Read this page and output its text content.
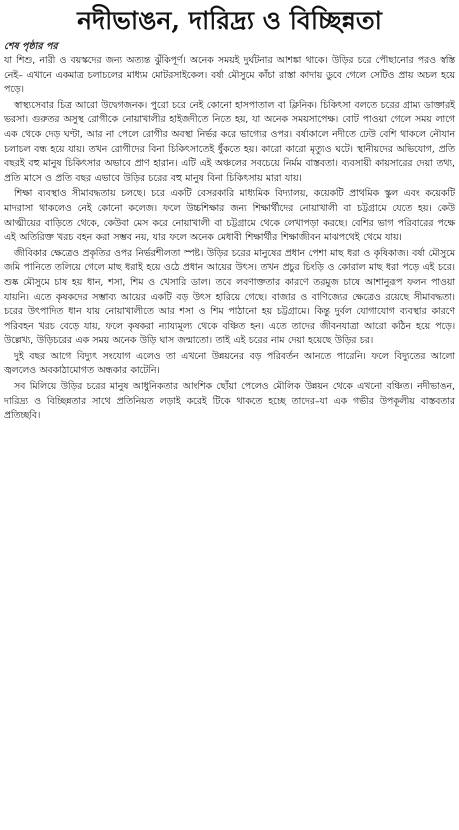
নদীভাঙন, দারিদ্র্য ও বিচ্ছিন্নতা
শেষ পৃষ্ঠার পর

যা শিশু, নারী ও বয়স্কদের জন্য অত্যন্ত ঝুঁকিপূর্ণ। অনেক সময়ই দুর্ঘটনার আশঙ্কা থাকে। উড়ির চরে পৌছানোর পরও স্বস্তি নেই– এখানে একমাত্র চলাচলের মাধ্যম মোটরসাইকেল। বর্ষা মৌসুমে কাঁচা রাস্তা কাদায় ডুবে গেলে সেটিও প্রায় অচল হয়ে পড়ে।

স্বাস্থ্যসেবার চিত্র আরো উদ্বেগজনক। পুরো চরে নেই কোনো হাসপাতাল বা ক্লিনিক। চিকিৎসা বলতে চরের গ্রাম্য ডাক্তারই ভরসা। গুরুতর অসুস্থ রোগীকে নোয়াখালীর হাইজদীতে নিতে হয়, যা অনেক সময়সাপেক্ষ। বোট পাওয়া গেলে সময় লাগে এক থেকে দেড় ঘণ্টা, আর না পেলে রোগীর অবস্থা নির্ভর করে ভাগ্যের ওপর। বর্ষাকালে নদীতে ঢেউ বেশি থাকলে নৌযান চলাচল বন্ধ হয়ে যায়। তখন রোগীদের বিনা চিকিৎসাতেই ধুঁকতে হয়। কারো কারো মৃত্যুও ঘটে। স্থানীয়দের অভিযোগ, প্রতি বছরই বহু মানুষ চিকিৎসার অভাবে প্রাণ হারান। এটি এই অঞ্চলের সবচেয়ে নির্মম বাস্তবতা। ব্যবসায়ী কায়সারের দেয়া তথ্য, প্রতি মাসে ও প্রতি বছর এভাবে উড়ির চরের বহু মানুষ বিনা চিকিৎসায় মারা যায়।

শিক্ষা ব্যবস্থাও সীমাবদ্ধতায় চলছে। চরে একটি বেসরকারি মাধ্যমিক বিদ্যালয়, কয়েকটি প্রাথমিক স্কুল এবং কয়েকটি মাদরাসা থাকলেও নেই কোনো কলেজ। ফলে উচ্চশিক্ষার জন্য শিক্ষার্থীদের নোয়াখালী বা চট্টগ্রামে যেতে হয়। কেউ আত্মীয়ের বাড়িতে থেকে, কেউবা মেস করে নোয়াখালী বা চট্টগ্রামে থেকে লেখাপড়া করছে। বেশির ভাগ পরিবারের পক্ষে এই অতিরিক্ত খরচ বহন করা সম্ভব নয়, যার ফলে অনেক মেধাবী শিক্ষার্থীর শিক্ষাজীবন মাঝপথেই থেমে যায়।

জীবিকার ক্ষেত্রেও প্রকৃতির ওপর নির্ভরশীলতা স্পষ্ট। উড়ির চরের মানুষের প্রধান পেশা মাছ ধরা ও কৃষিকাজ। বর্ষা মৌসুমে জমি পানিতে তলিয়ে গেলে মাছ ধরাই হয়ে ওঠে প্রধান আয়ের উৎস। তখন প্রচুর চিংড়ি ও কোরাল মাছ ধরা পড়ে এই চরে। শুষ্ক মৌসুমে চাষ হয় ধান, শসা, শিম ও খেসারি ডাল। তবে লবণাক্ততার কারণে তরমুজ চাষে আশানুরূপ ফলন পাওয়া যায়নি। এতে কৃষকদের সম্ভাব্য আয়ের একটি বড় উৎস হারিয়ে গেছে। বাজার ও বাণিজ্যের ক্ষেত্রেও রয়েছে সীমাবদ্ধতা। চরের উৎপাদিত ধান যায় নোয়াখালীতে আর শসা ও শিম পাঠানো হয় চট্টগ্রামে। কিন্তু দুর্বল যোগাযোগ ব্যবস্থার কারণে পরিবহন খরচ বেড়ে যায়, ফলে কৃষকরা ন্যায্যমূল্য থেকে বঞ্চিত হন। এতে তাদের জীবনযাত্রা আরো কঠিন হয়ে পড়ে। উল্লেখ্য, উড়িচরের এক সময় অনেক উড়ি ঘাস জন্মাতো। তাই এই চরের নাম দেয়া হয়েছে উড়ির চর।

দুই বছর আগে বিদ্যুৎ সংযোগ এলেও তা এখনো উন্নয়নের বড় পরিবর্তন আনতে পারেনি। ফলে বিদ্যুতের আলো জ্বললেও অবকাঠামোগত অন্ধকার কাটেনি।

সব মিলিয়ে উড়ির চরের মানুষ আধুনিকতার আংশিক ছোঁয়া পেলেও মৌলিক উন্নয়ন থেকে এখনো বঞ্চিত। নদীভাঙন, দারিদ্র্য ও বিচ্ছিন্নতার সাথে প্রতিনিয়ত লড়াই করেই টিকে থাকতে হচ্ছে তাদের–যা এক গভীর উপকূলীয় বাস্তবতার প্রতিচ্ছবি।
